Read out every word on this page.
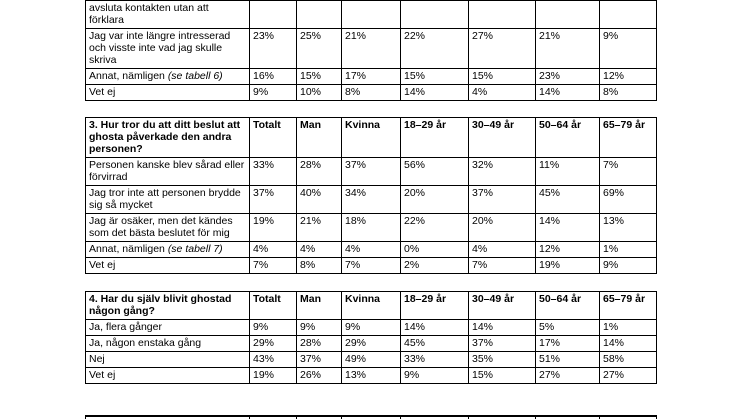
avsluta kontakten utan att förklara							
Jag var inte längre intresserad och visste inte vad jag skulle skriva	23%	25%	21%	22%	27%	21%	9%
Annat, nämligen (se tabell 6)	16%	15%	17%	15%	15%	23%	12%
Vet ej	9%	10%	8%	14%	4%	14%	8%
3. Hur tror du att ditt beslut att ghosta påverkade den andra personen?	Totalt	Man	Kvinna	18–29 år	30–49 år	50–64 år	65–79 år
Personen kanske blev sårad eller förvirrad	33%	28%	37%	56%	32%	11%	7%
Jag tror inte att personen brydde sig så mycket	37%	40%	34%	20%	37%	45%	69%
Jag är osäker, men det kändes som det bästa beslutet för mig	19%	21%	18%	22%	20%	14%	13%
Annat, nämligen (se tabell 7)	4%	4%	4%	0%	4%	12%	1%
Vet ej	7%	8%	7%	2%	7%	19%	9%
4. Har du själv blivit ghostad någon gång?	Totalt	Man	Kvinna	18–29 år	30–49 år	50–64 år	65–79 år
Ja, flera gånger	9%	9%	9%	14%	14%	5%	1%
Ja, någon enstaka gång	29%	28%	29%	45%	37%	17%	14%
Nej	43%	37%	49%	33%	35%	51%	58%
Vet ej	19%	26%	13%	9%	15%	27%	27%
